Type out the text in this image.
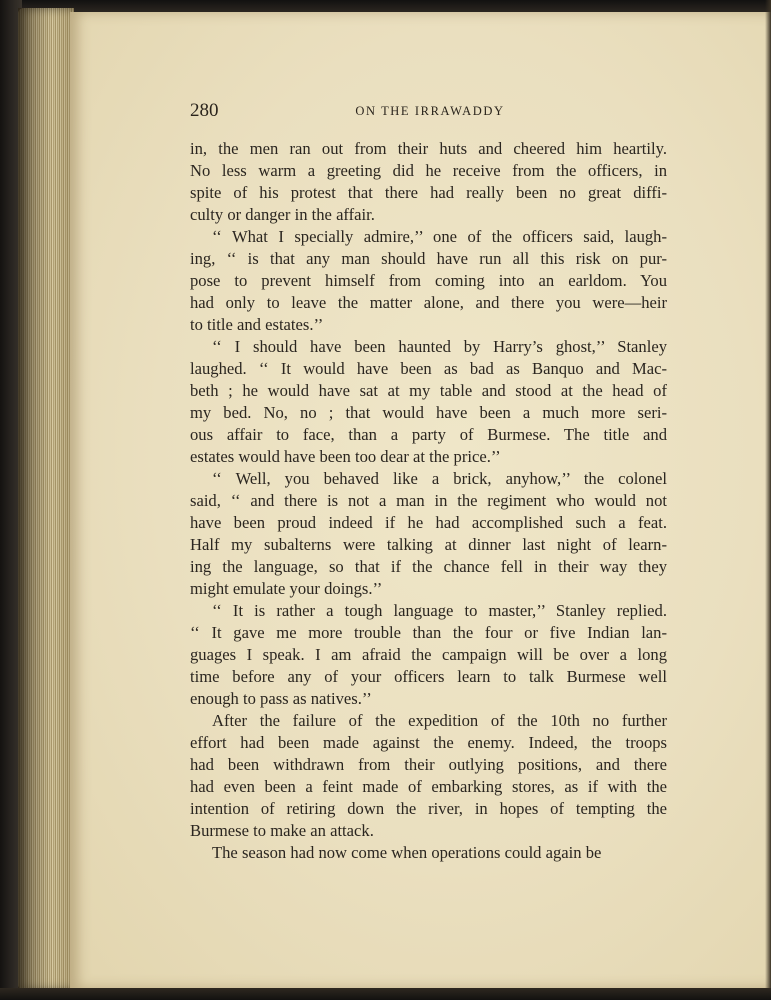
280	ON THE IRRAWADDY
in, the men ran out from their huts and cheered him heartily.
No less warm a greeting did he receive from the officers, in
spite of his protest that there had really been no great diffi-
culty or danger in the affair.
‘‘ What I specially admire,’’ one of the officers said, laugh-
ing, ‘‘ is that any man should have run all this risk on pur-
pose to prevent himself from coming into an earldom. You
had only to leave the matter alone, and there you were—heir
to title and estates.’’
‘‘ I should have been haunted by Harry’s ghost,’’ Stanley
laughed. ‘‘ It would have been as bad as Banquo and Mac-
beth ; he would have sat at my table and stood at the head of
my bed. No, no ; that would have been a much more seri-
ous affair to face, than a party of Burmese. The title and
estates would have been too dear at the price.’’
‘‘ Well, you behaved like a brick, anyhow,’’ the colonel
said, ‘‘ and there is not a man in the regiment who would not
have been proud indeed if he had accomplished such a feat.
Half my subalterns were talking at dinner last night of learn-
ing the language, so that if the chance fell in their way they
might emulate your doings.’’
‘‘ It is rather a tough language to master,’’ Stanley replied.
‘‘ It gave me more trouble than the four or five Indian lan-
guages I speak. I am afraid the campaign will be over a long
time before any of your officers learn to talk Burmese well
enough to pass as natives.’’
After the failure of the expedition of the 10th no further
effort had been made against the enemy. Indeed, the troops
had been withdrawn from their outlying positions, and there
had even been a feint made of embarking stores, as if with the
intention of retiring down the river, in hopes of tempting the
Burmese to make an attack.
The season had now come when operations could again be
